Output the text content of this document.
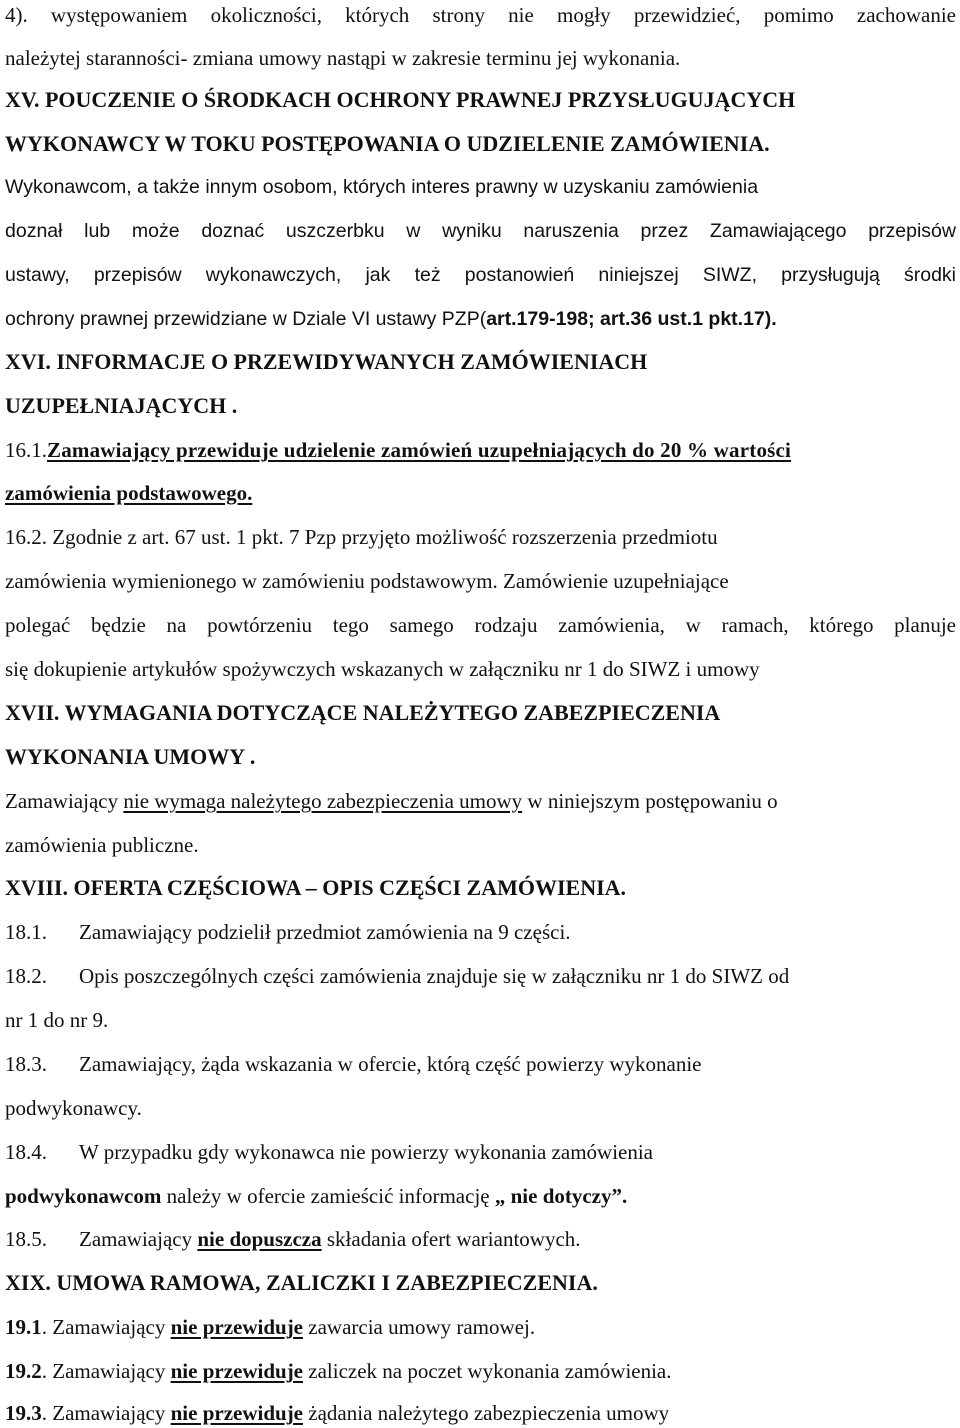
4). występowaniem okoliczności, których strony nie mogły przewidzieć, pomimo zachowanie
należytej staranności- zmiana umowy nastąpi w zakresie terminu jej wykonania.
XV. POUCZENIE O ŚRODKACH OCHRONY PRAWNEJ PRZYSŁUGUJĄCYCH
WYKONAWCY W TOKU POSTĘPOWANIA O UDZIELENIE ZAMÓWIENIA.
Wykonawcom, a także innym osobom, których interes prawny w uzyskaniu zamówienia
doznał lub może doznać uszczerbku w wyniku naruszenia przez Zamawiającego przepisów
ustawy, przepisów wykonawczych, jak też postanowień niniejszej SIWZ, przysługują środki
ochrony prawnej przewidziane w Dziale VI ustawy PZP(art.179-198; art.36 ust.1 pkt.17).
XVI. INFORMACJE O PRZEWIDYWANYCH ZAMÓWIENIACH
UZUPEŁNIAJĄCYCH .
16.1.Zamawiający przewiduje udzielenie zamówień uzupełniających do 20 % wartości
zamówienia podstawowego.
16.2. Zgodnie z art. 67 ust. 1 pkt. 7 Pzp przyjęto możliwość rozszerzenia przedmiotu
zamówienia wymienionego w zamówieniu podstawowym. Zamówienie uzupełniające
polegać będzie na powtórzeniu tego samego rodzaju zamówienia, w ramach, którego planuje
się dokupienie artykułów spożywczych wskazanych w załączniku nr 1 do SIWZ i umowy
XVII. WYMAGANIA DOTYCZĄCE NALEŻYTEGO ZABEZPIECZENIA
WYKONANIA UMOWY .
Zamawiający nie wymaga należytego zabezpieczenia umowy w niniejszym postępowaniu o
zamówienia publiczne.
XVIII. OFERTA CZĘŚCIOWA – OPIS CZĘŚCI ZAMÓWIENIA.
18.1. Zamawiający podzielił przedmiot zamówienia na 9 części.
18.2. Opis poszczególnych części zamówienia znajduje się w załączniku nr 1 do SIWZ od
nr 1 do nr 9.
18.3. Zamawiający, żąda wskazania w ofercie, którą część powierzy wykonanie
podwykonawcy.
18.4. W przypadku gdy wykonawca nie powierzy wykonania zamówienia
podwykonawcom należy w ofercie zamieścić informację „ nie dotyczy”.
18.5. Zamawiający nie dopuszcza składania ofert wariantowych.
XIX. UMOWA RAMOWA, ZALICZKI I ZABEZPIECZENIA.
19.1. Zamawiający nie przewiduje zawarcia umowy ramowej.
19.2. Zamawiający nie przewiduje zaliczek na poczet wykonania zamówienia.
19.3. Zamawiający nie przewiduje żądania należytego zabezpieczenia umowy
